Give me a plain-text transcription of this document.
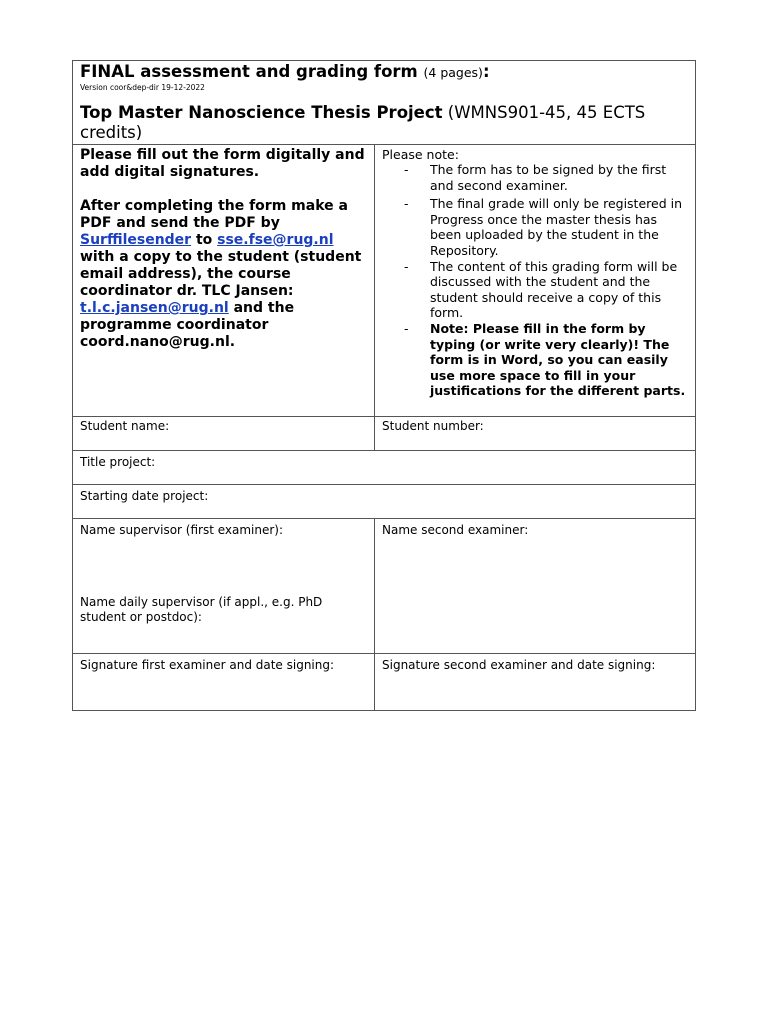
FINAL assessment and grading form (4 pages):
Version coor&dep-dir 19-12-2022
Top Master Nanoscience Thesis Project (WMNS901-45, 45 ECTS credits)

Please fill out the form digitally and add digital signatures.

After completing the form make a PDF and send the PDF by Surffilesender to sse.fse@rug.nl with a copy to the student (student email address), the course coordinator dr. TLC Jansen: t.l.c.jansen@rug.nl and the programme coordinator coord.nano@rug.nl.

Please note:
- The form has to be signed by the first and second examiner.
- The final grade will only be registered in Progress once the master thesis has been uploaded by the student in the Repository.
- The content of this grading form will be discussed with the student and the student should receive a copy of this form.
- Note: Please fill in the form by typing (or write very clearly)! The form is in Word, so you can easily use more space to fill in your justifications for the different parts.
Student name:	Student number:
Title project:
Starting date project:
Name supervisor (first examiner):
Name daily supervisor (if appl., e.g. PhD student or postdoc):
Name second examiner:
Signature first examiner and date signing:	Signature second examiner and date signing:
